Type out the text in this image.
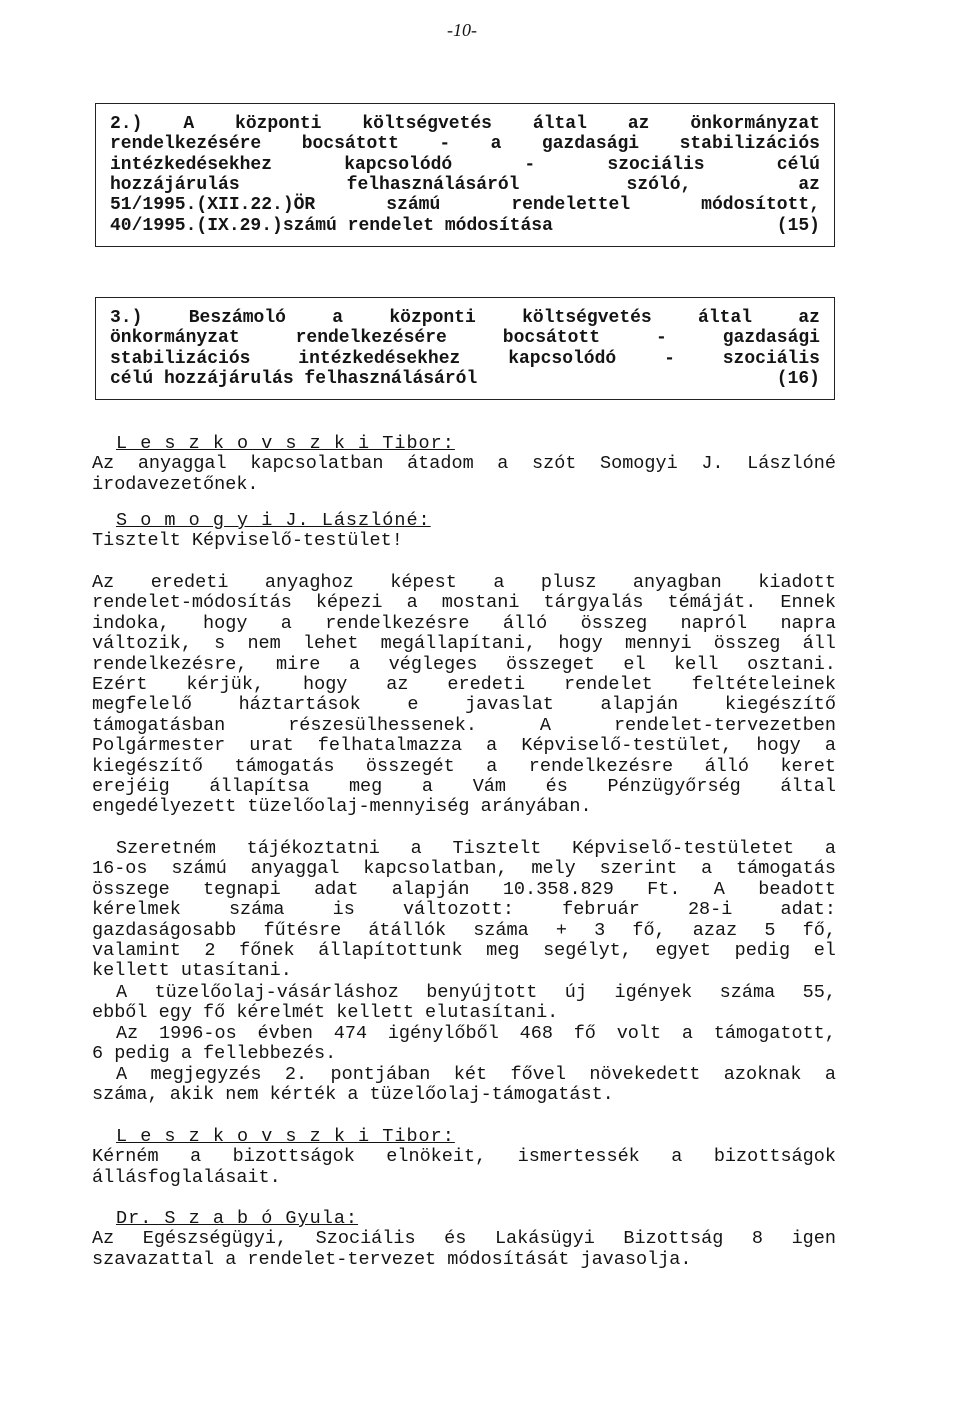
-10-
2.) A központi költségvetés által az önkormányzat
rendelkezésére bocsátott - a gazdasági stabilizációs
intézkedésekhez	kapcsolódó	-	szociális	célú
hozzájárulás	felhasználásáról	szóló,	az
51/1995.(XII.22.)ÖR	számú	rendelettel	módosított,
40/1995.(IX.29.)számú rendelet módosítása	(15)
3.)	Beszámoló	a	központi	költségvetés	által	az
önkormányzat	rendelkezésére	bocsátott	-	gazdasági
stabilizációs	intézkedésekhez	kapcsolódó	-	szociális
célú hozzájárulás felhasználásáról	(16)
L e s z k o v s z k i Tibor:
Az anyaggal kapcsolatban átadom a szót Somogyi J. Lászlóné
irodavezetőnek.
S o m o g y i J. Lászlóné:
Tisztelt Képviselő-testület!
Az eredeti anyaghoz képest a plusz anyagban kiadott
rendelet-módosítás képezi a mostani tárgyalás témáját. Ennek
indoka, hogy a rendelkezésre álló összeg napról napra
változik, s nem lehet megállapítani, hogy mennyi összeg áll
rendelkezésre, mire a végleges összeget el kell osztani.
Ezért kérjük, hogy az eredeti rendelet feltételeinek
megfelelő	háztartások	e	javaslat	alapján	kiegészítő
támogatásban	részesülhessenek.	A	rendelet-tervezetben
Polgármester urat felhatalmazza a Képviselő-testület, hogy a
kiegészítő támogatás összegét a rendelkezésre álló keret
erejéig állapítsa meg a Vám és Pénzügyőrség által
engedélyezett tüzelőolaj-mennyiség arányában.
Szeretném tájékoztatni a Tisztelt Képviselő-testületet a
16-os számú anyaggal kapcsolatban, mely szerint a támogatás
összege tegnapi adat alapján 10.358.829 Ft. A beadott
kérelmek	száma	is	változott:	február	28-i	adat:
gazdaságosabb fűtésre átállók száma + 3 fő, azaz 5 fő,
valamint 2 főnek állapítottunk meg segélyt, egyet pedig el
kellett utasítani.
A tüzelőolaj-vásárláshoz benyújtott új igények száma 55,
ebből egy fő kérelmét kellett elutasítani.
Az 1996-os évben 474 igénylőből 468 fő volt a támogatott,
6 pedig a fellebbezés.
A megjegyzés 2. pontjában két fővel növekedett azoknak a
száma, akik nem kérték a tüzelőolaj-támogatást.
L e s z k o v s z k i Tibor:
Kérném a bizottságok elnökeit, ismertessék a bizottságok
állásfoglalásait.
Dr. S z a b ó Gyula:
Az Egészségügyi, Szociális és Lakásügyi Bizottság 8 igen
szavazattal a rendelet-tervezet módosítását javasolja.
